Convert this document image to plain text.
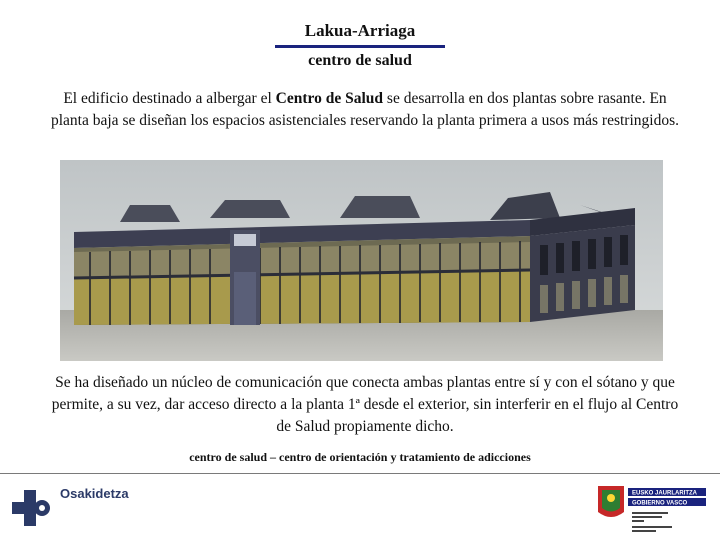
Lakua-Arriaga

centro de salud

El edificio destinado a albergar el Centro de Salud se desarrolla en dos plantas sobre rasante. En planta baja se diseñan los espacios asistenciales reservando la planta primera a usos más restringidos.

Se ha diseñado un núcleo de comunicación que conecta ambas plantas entre sí y con el sótano y que permite, a su vez, dar acceso directo a la planta 1ª desde el exterior, sin interferir en el flujo al Centro de Salud propiamente dicho.

centro de salud – centro de orientación y tratamiento de adicciones
Osakidetza	EUSKO JAURLARITZA
GOBIERNO VASCO
